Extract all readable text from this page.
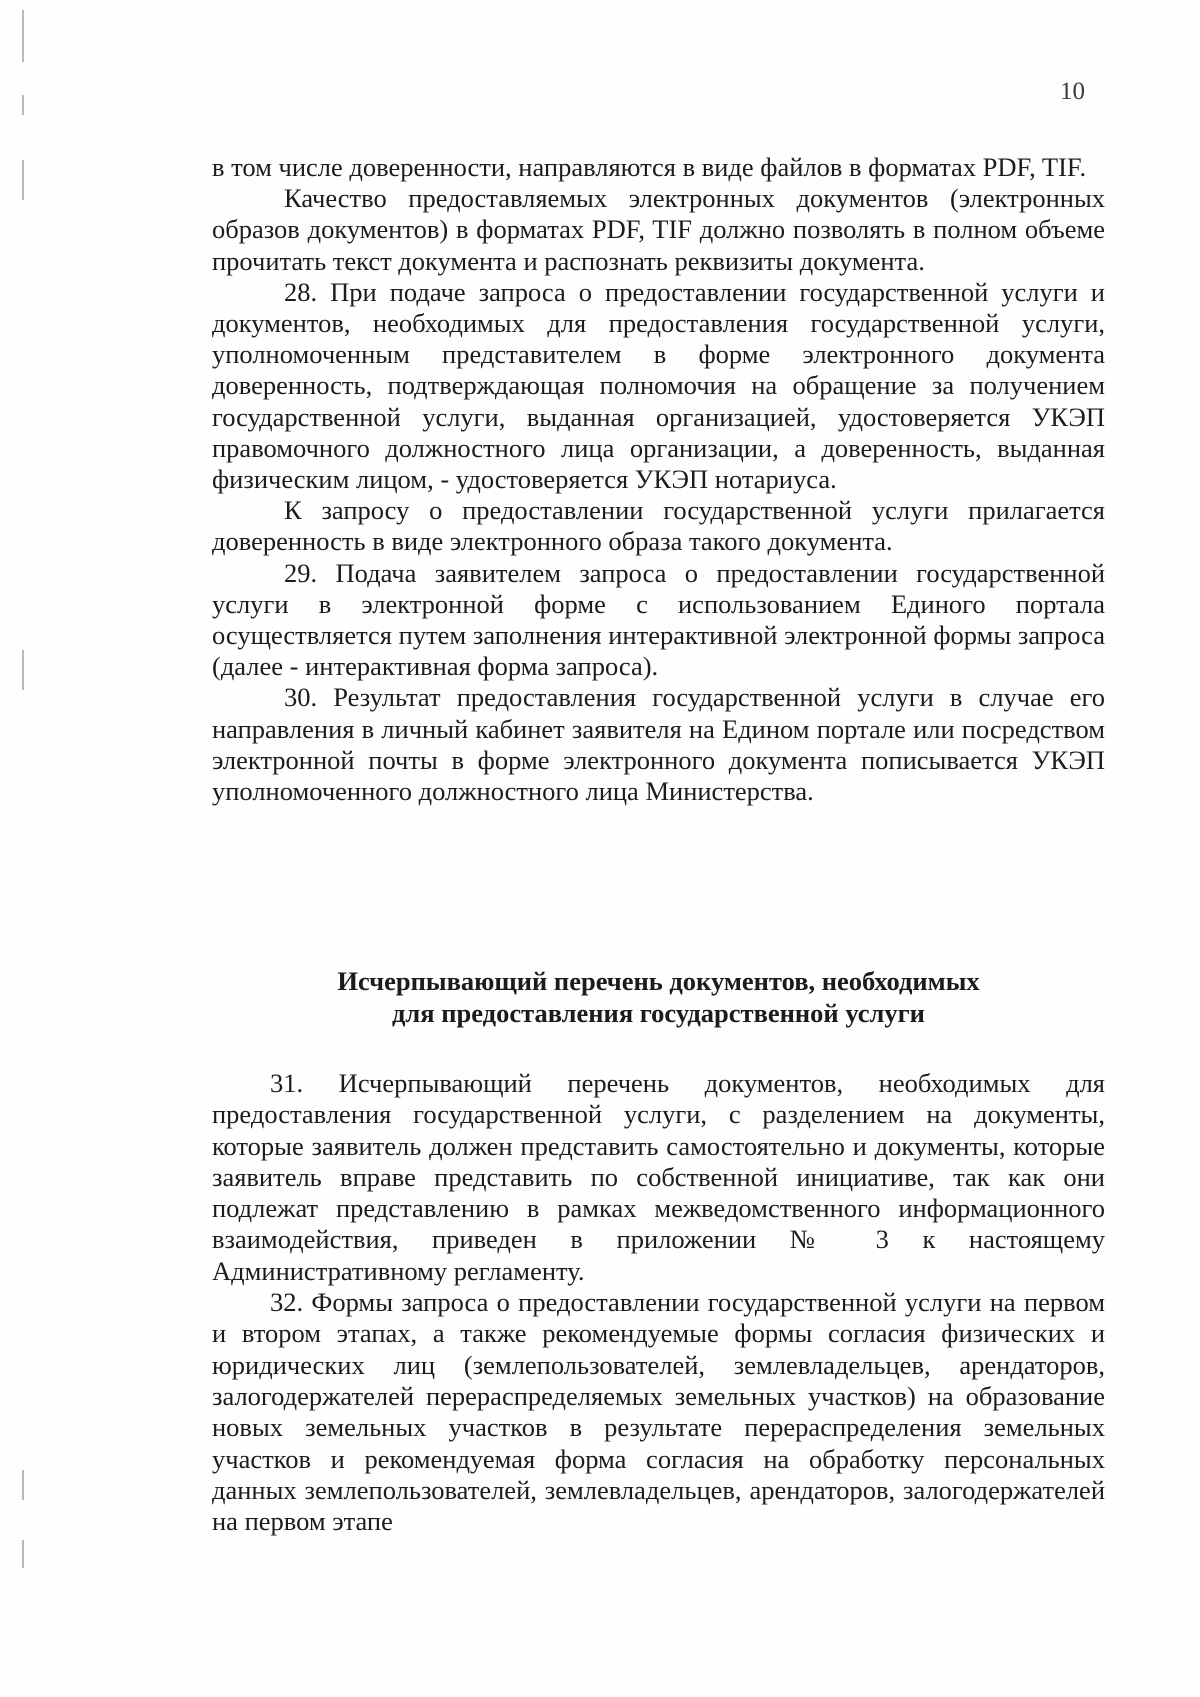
10

в том числе доверенности, направляются в виде файлов в форматах PDF, TIF.

Качество предоставляемых электронных документов (электронных образов документов) в форматах PDF, TIF должно позволять в полном объеме прочитать текст документа и распознать реквизиты документа.

28. При подаче запроса о предоставлении государственной услуги и документов, необходимых для предоставления государственной услуги, уполномоченным представителем в форме электронного документа доверенность, подтверждающая полномочия на обращение за получением государственной услуги, выданная организацией, удостоверяется УКЭП правомочного должностного лица организации, а доверенность, выданная физическим лицом, - удостоверяется УКЭП нотариуса.

К запросу о предоставлении государственной услуги прилагается доверенность в виде электронного образа такого документа.

29. Подача заявителем запроса о предоставлении государственной услуги в электронной форме с использованием Единого портала осуществляется путем заполнения интерактивной электронной формы запроса (далее - интерактивная форма запроса).

30. Результат предоставления государственной услуги в случае его направления в личный кабинет заявителя на Едином портале или посредством электронной почты в форме электронного документа пописывается УКЭП уполномоченного должностного лица Министерства.

Исчерпывающий перечень документов, необходимых
для предоставления государственной услуги

31. Исчерпывающий перечень документов, необходимых для предоставления государственной услуги, с разделением на документы, которые заявитель должен представить самостоятельно и документы, которые заявитель вправе представить по собственной инициативе, так как они подлежат представлению в рамках межведомственного информационного взаимодействия, приведен в приложении № 3 к настоящему Административному регламенту.

32. Формы запроса о предоставлении государственной услуги на первом и втором этапах, а также рекомендуемые формы согласия физических и юридических лиц (землепользователей, землевладельцев, арендаторов, залогодержателей перераспределяемых земельных участков) на образование новых земельных участков в результате перераспределения земельных участков и рекомендуемая форма согласия на обработку персональных данных землепользователей, землевладельцев, арендаторов, залогодержателей на первом этапе
